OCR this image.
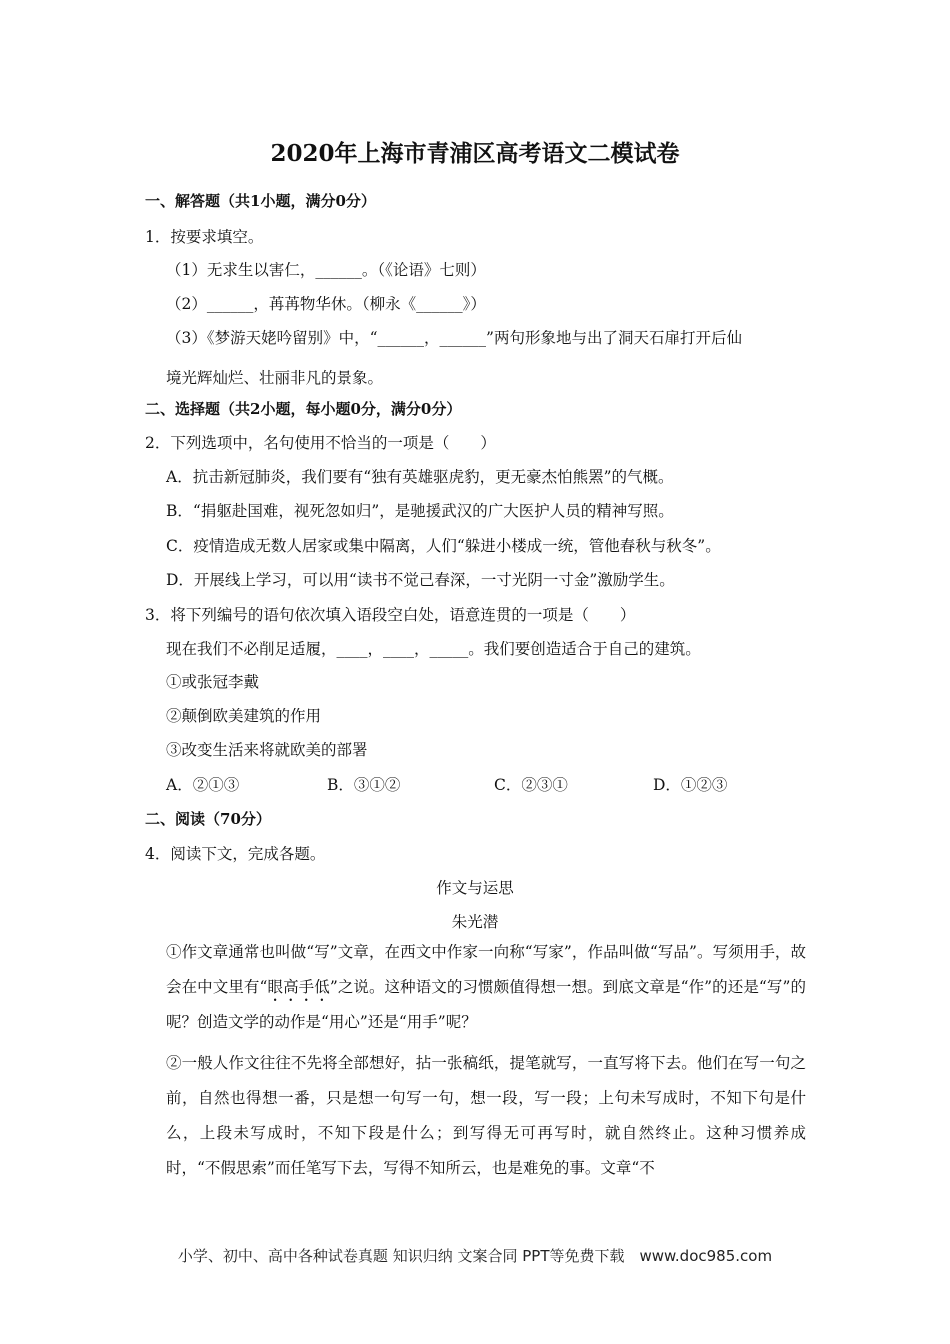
2020年上海市青浦区高考语文二模试卷
一、解答题（共1小题，满分0分）
1．按要求填空。
（1）无求生以害仁，______。（《论语》七则）
（2）______，苒苒物华休。（柳永《______》）
（3）《梦游天姥吟留别》中，“______，______”两句形象地与出了洞天石扉打开后仙
境光辉灿烂、壮丽非凡的景象。
二、选择题（共2小题，每小题0分，满分0分）
2．下列选项中，名句使用不恰当的一项是（　　）
A．抗击新冠肺炎，我们要有“独有英雄驱虎豹，更无豪杰怕熊罴”的气概。
B．“捐躯赴国难，视死忽如归”，是驰援武汉的广大医护人员的精神写照。
C．疫情造成无数人居家或集中隔离，人们“躲进小楼成一统，管他春秋与秋冬”。
D．开展线上学习，可以用“读书不觉己春深，一寸光阴一寸金”激励学生。
3．将下列编号的语句依次填入语段空白处，语意连贯的一项是（　　）
现在我们不必削足适履，____，____，_____。我们要创造适合于自己的建筑。
①或张冠李戴
②颠倒欧美建筑的作用
③改变生活来将就欧美的部署
A．②①③	B．③①②	C．②③①	D．①②③
二、阅读（70分）
4．阅读下文，完成各题。
作文与运思
朱光潜
①作文章通常也叫做“写”文章，在西文中作家一向称“写家”，作品叫做“写品”。写须用手，故会在中文里有“眼高手低”之说。这种语文的习惯颇值得想一想。到底文章是“作”的还是“写”的呢？创造文学的动作是“用心”还是“用手”呢？
②一般人作文往往不先将全部想好，拈一张稿纸，提笔就写，一直写将下去。他们在写一句之前，自然也得想一番，只是想一句写一句，想一段，写一段；上句未写成时，不知下句是什么，上段未写成时，不知下段是什么；到写得无可再写时，就自然终止。这种习惯养成时，“不假思索”而任笔写下去，写得不知所云，也是难免的事。文章“不
小学、初中、高中各种试卷真题 知识归纳 文案合同 PPT等免费下载　www.doc985.com
